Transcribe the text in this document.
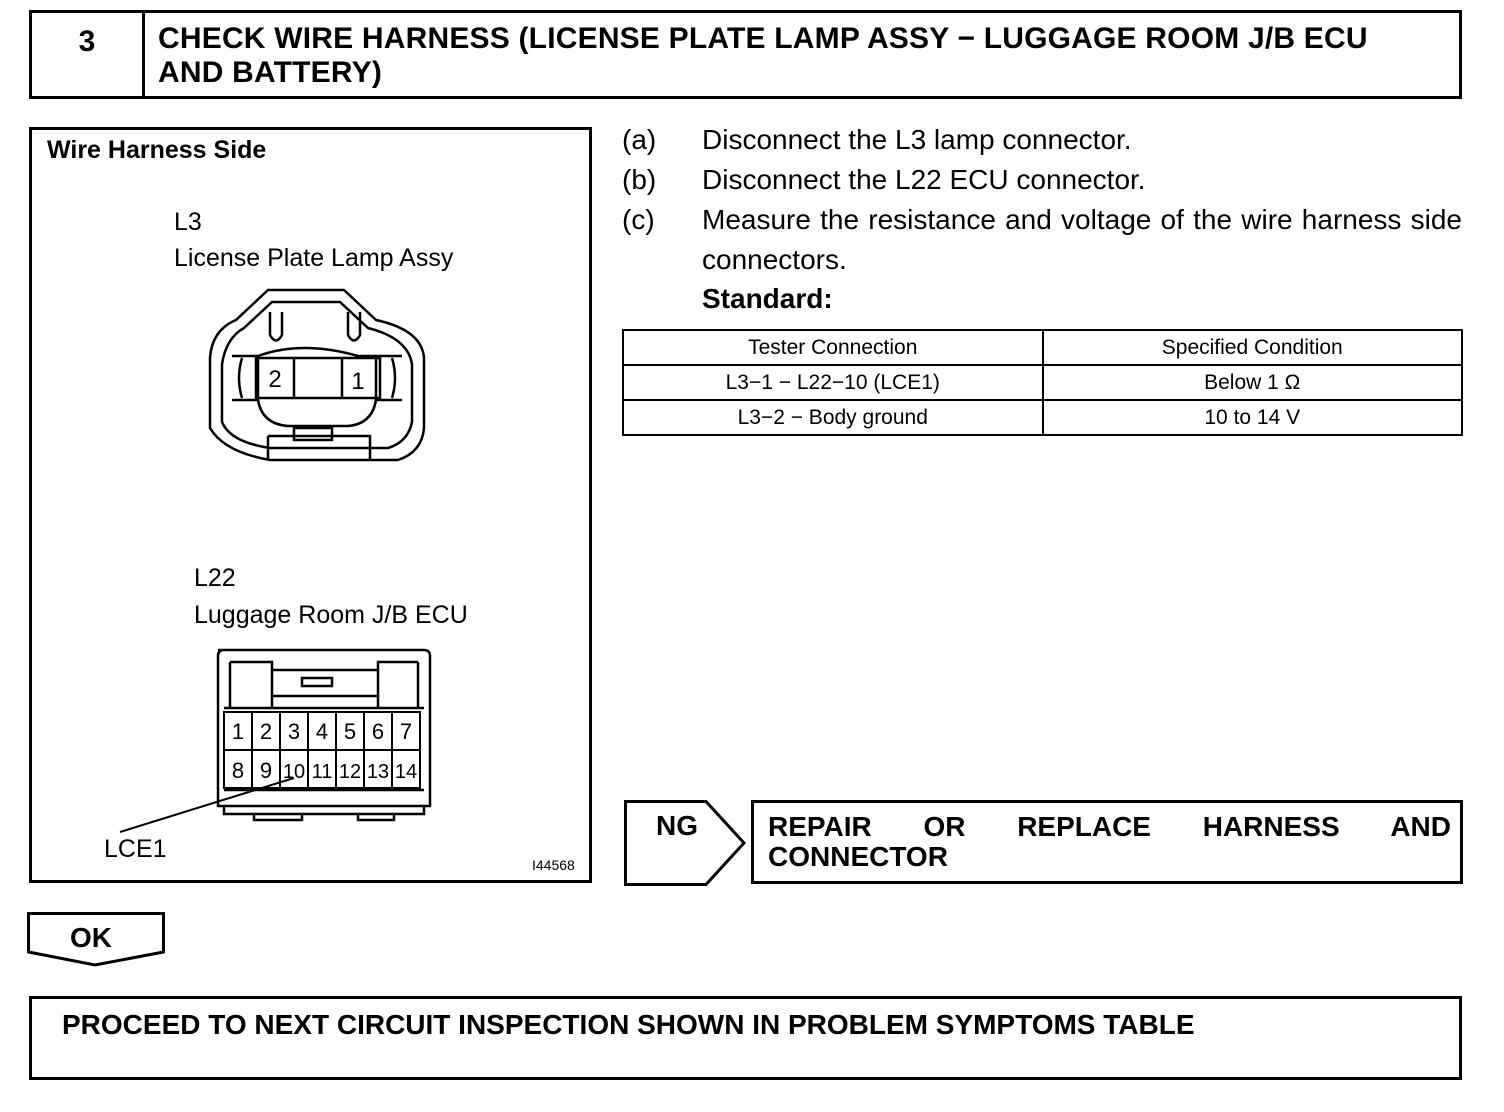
3	CHECK WIRE HARNESS (LICENSE PLATE LAMP ASSY − LUGGAGE ROOM J/B ECU AND BATTERY)
Wire Harness Side
L3
License Plate Lamp Assy
L22
Luggage Room J/B ECU
LCE1
I44568
2	1
1 2 3 4 5 6 7
8 9 10 11 12 13 14
(a) Disconnect the L3 lamp connector.
(b) Disconnect the L22 ECU connector.
(c) Measure the resistance and voltage of the wire harness side connectors.
Standard:
Tester Connection	Specified Condition
L3−1 − L22−10 (LCE1)	Below 1 Ω
L3−2 − Body ground	10 to 14 V
NG	REPAIR OR REPLACE HARNESS AND CONNECTOR
OK
PROCEED TO NEXT CIRCUIT INSPECTION SHOWN IN PROBLEM SYMPTOMS TABLE
